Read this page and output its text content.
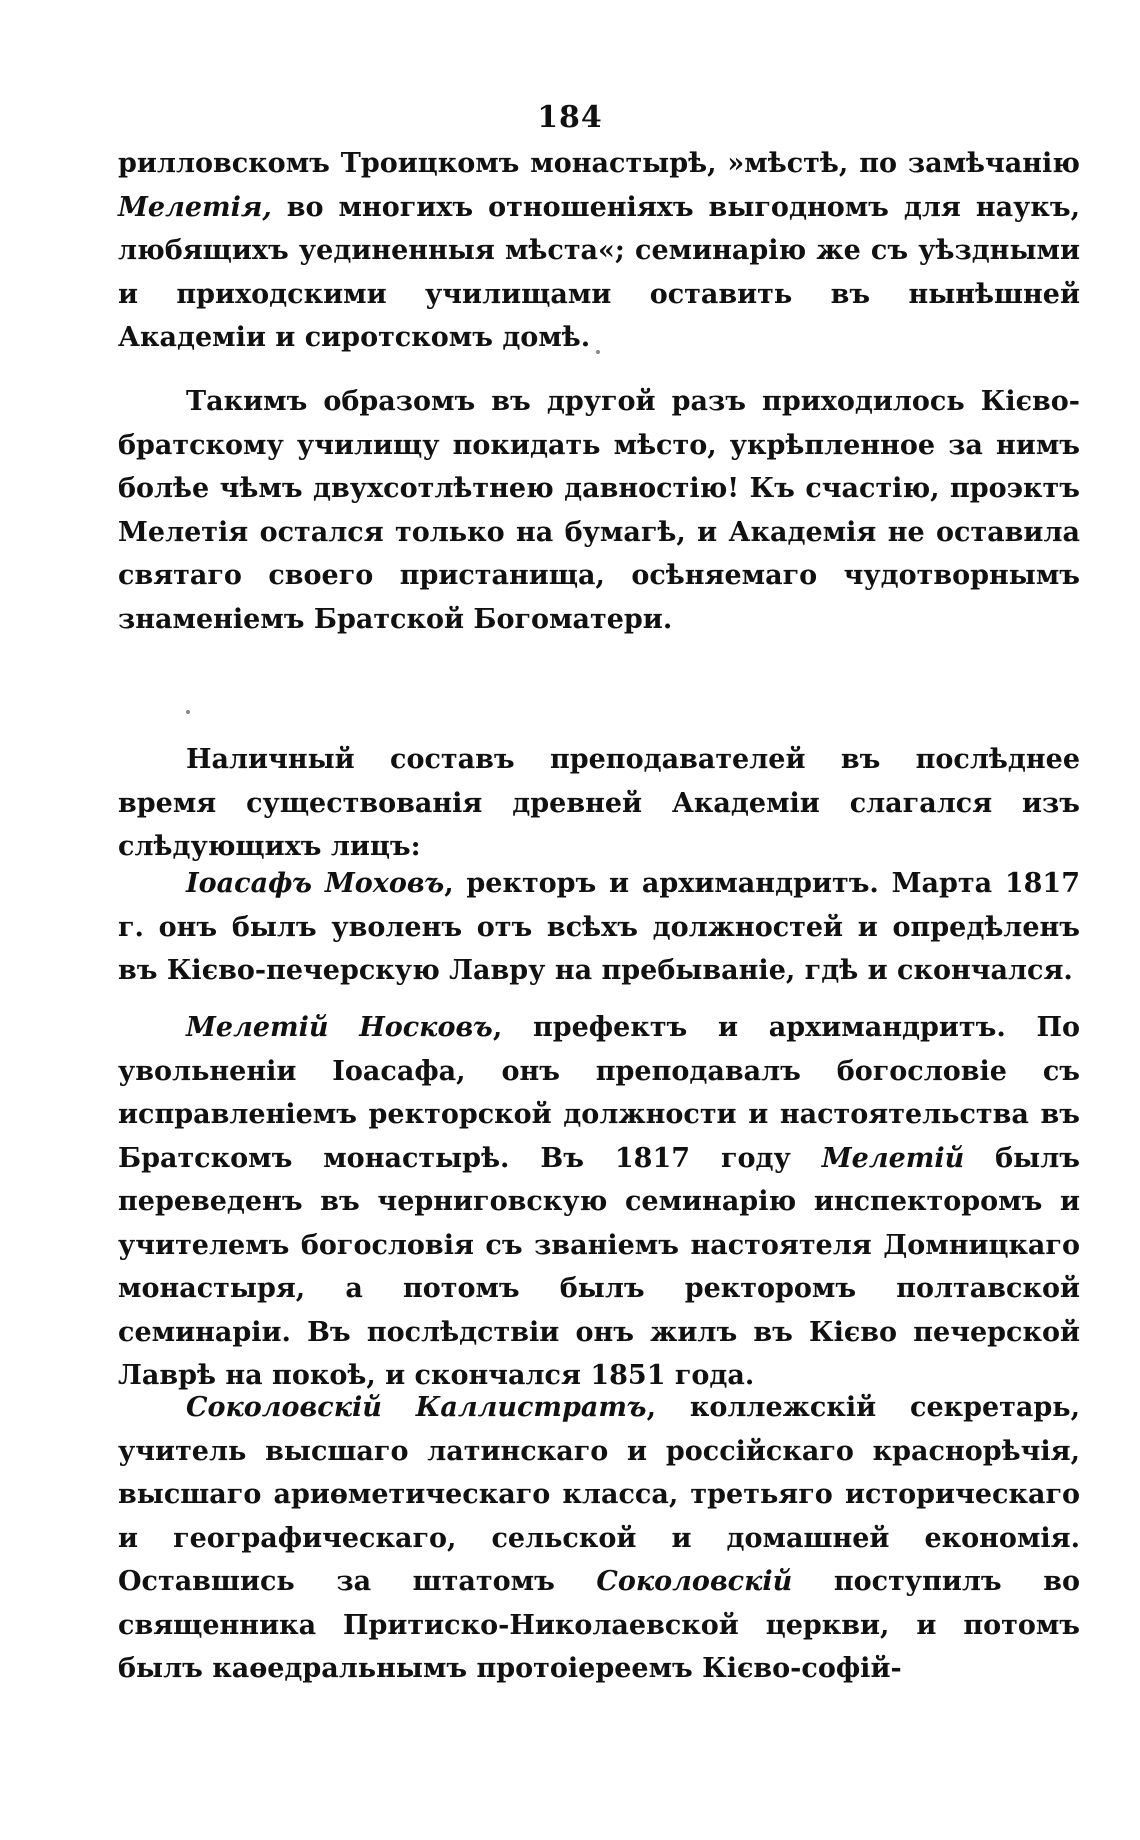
184

рилловскомъ Троицкомъ монастырѣ, »мѣстѣ, по замѣчанію Мелетія, во многихъ отношеніяхъ выгодномъ для наукъ, любящихъ уединенныя мѣста«; семинарію же съ уѣздными и приходскими училищами оставить въ нынѣшней Академіи и сиротскомъ домѣ.

Такимъ образомъ въ другой разъ приходилось Кієво-братскому училищу покидать мѣсто, укрѣпленное за нимъ болѣе чѣмъ двухсотлѣтнею давностію! Къ счастію, проэктъ Мелетія остался только на бумагѣ, и Академія не оставила святаго своего пристанища, осѣняемаго чудотворнымъ знаменіемъ Братской Богоматери.

Наличный составъ преподавателей въ послѣднее время существованія древней Академіи слагался изъ слѣдующихъ лицъ:

Іоасафъ Моховъ, ректоръ и архимандритъ. Марта 1817 г. онъ былъ уволенъ отъ всѣхъ должностей и опредѣленъ въ Кієво-печерскую Лавру на пребываніе, гдѣ и скончался.

Мелетій Носковъ, префектъ и архимандритъ. По увольненіи Іоасафа, онъ преподавалъ богословіе съ исправленіемъ ректорской должности и настоятельства въ Братскомъ монастырѣ. Въ 1817 году Мелетій былъ переведенъ въ черниговскую семинарію инспекторомъ и учителемъ богословія съ званіемъ настоятеля Домницкаго монастыря, а потомъ былъ ректоромъ полтавской семинаріи. Въ послѣдствіи онъ жилъ въ Кієво печерской Лаврѣ на покоѣ, и скончался 1851 года.

Соколовскій Каллистратъ, коллежскій секретарь, учитель высшаго латинскаго и россійскаго краснорѣчія, высшаго ариөметическаго класса, третьяго историческаго и географическаго, сельской и домашней економія. Оставшись за штатомъ Соколовскій поступилъ во священника Притиско-Николаевской церкви, и потомъ былъ каөедральнымъ протоіереемъ Кієво-софій-
